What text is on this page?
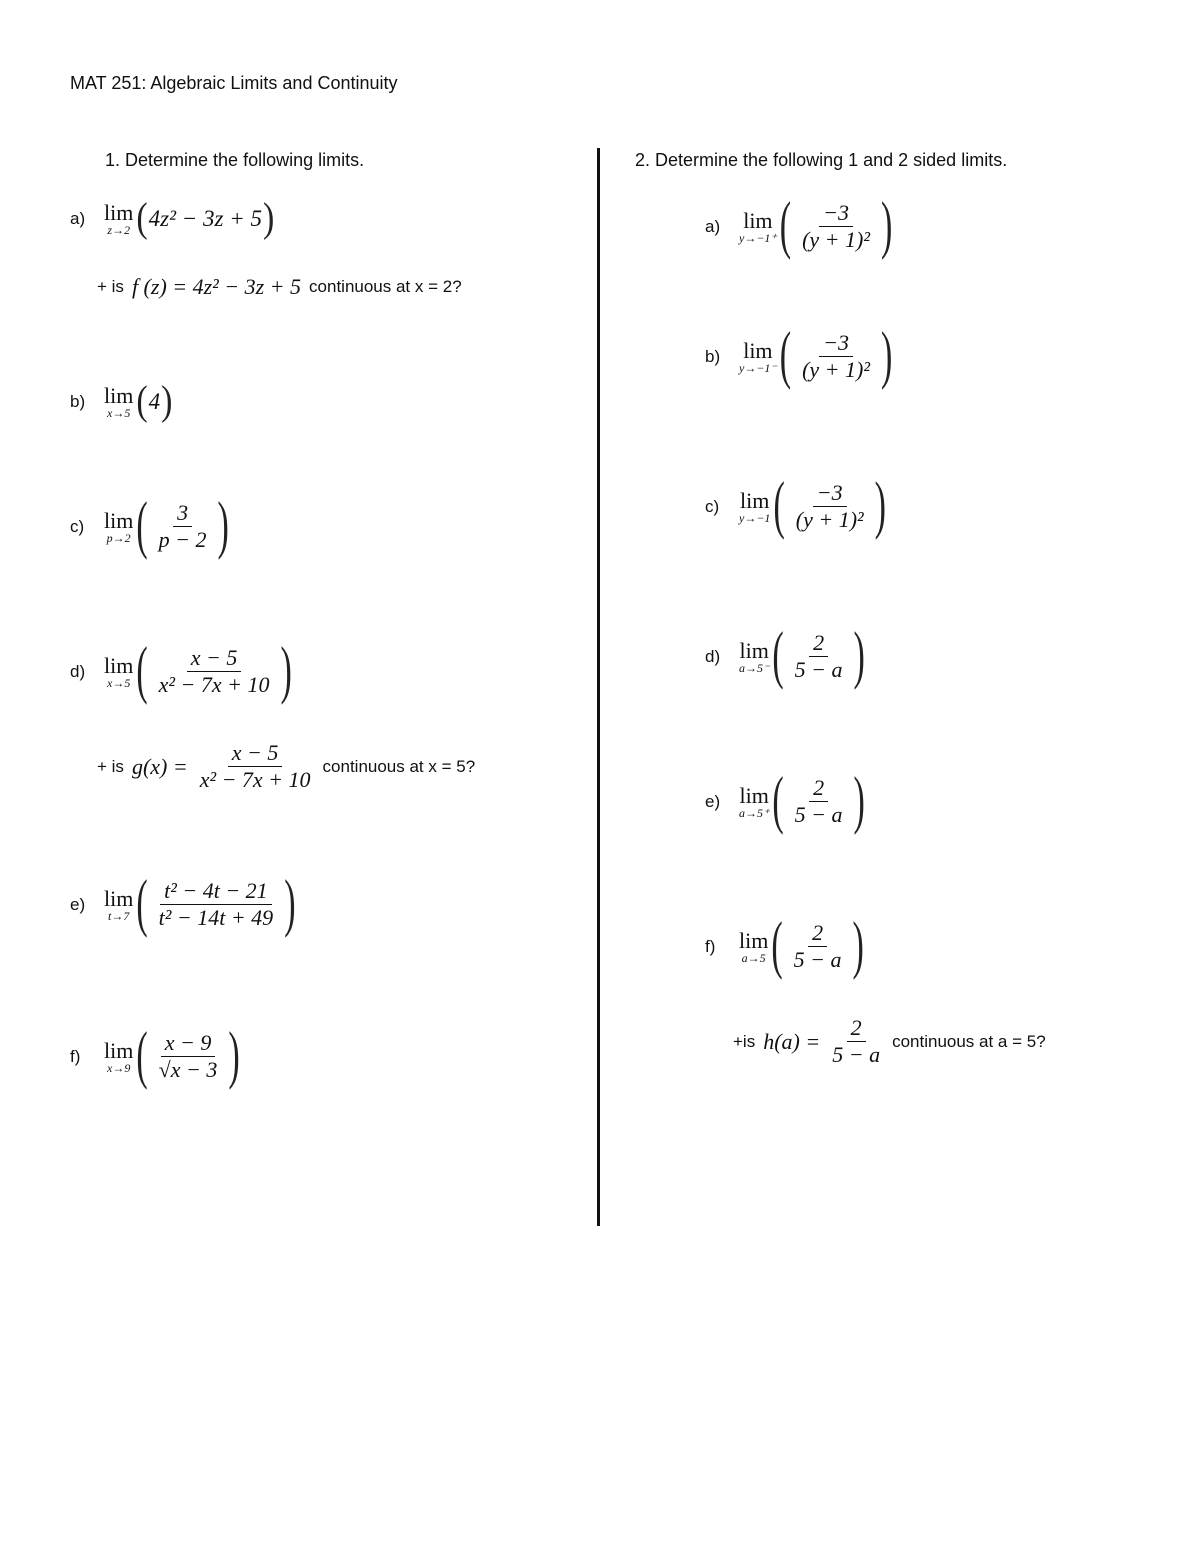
MAT 251: Algebraic Limits and Continuity
1. Determine the following limits.	2. Determine the following 1 and 2 sided limits.
a) lim
z→2 ( 4z² − 3z + 5 )
+ is f (z) = 4z² − 3z + 5 continuous at x = 2?
b) lim
x→5 ( 4 )
c) lim
p→2 ( $\frac{3}{p - 2}$ )
d) lim
x→5 ( $\frac{x - 5}{\text{x² − 7x + 10}}$ )
+ is $g(x) = \frac{x - 5}{\text{x² − 7x + 10}}$ continuous at x = 5?
e) lim
t→7 ( $\frac{\text{t² − 4t − 21}}{\text{t² − 14t + 49}}$ )
f)	lim
x→9 ( $\frac{x - 9}{√x - 3}$ )
a)	lim
y→−1⁺ ( $\frac{-3}{\text{(y + 1)²}}$ )
b)	lim
y→−1⁻ ( $\frac{-3}{\text{(y + 1)²}}$ )
c) lim
y→−1 ( $\frac{-3}{\text{(y + 1)²}}$ )
d) lim
a→5⁻ ( $\frac{2}{5 - a}$ )
e) lim
a→5⁺ ( $\frac{2}{5 - a}$ )
f)	lim
a→5 ( $\frac{2}{5 - a}$ )
+is $h(a) = \frac{2}{5 - a}$ continuous at a = 5?
